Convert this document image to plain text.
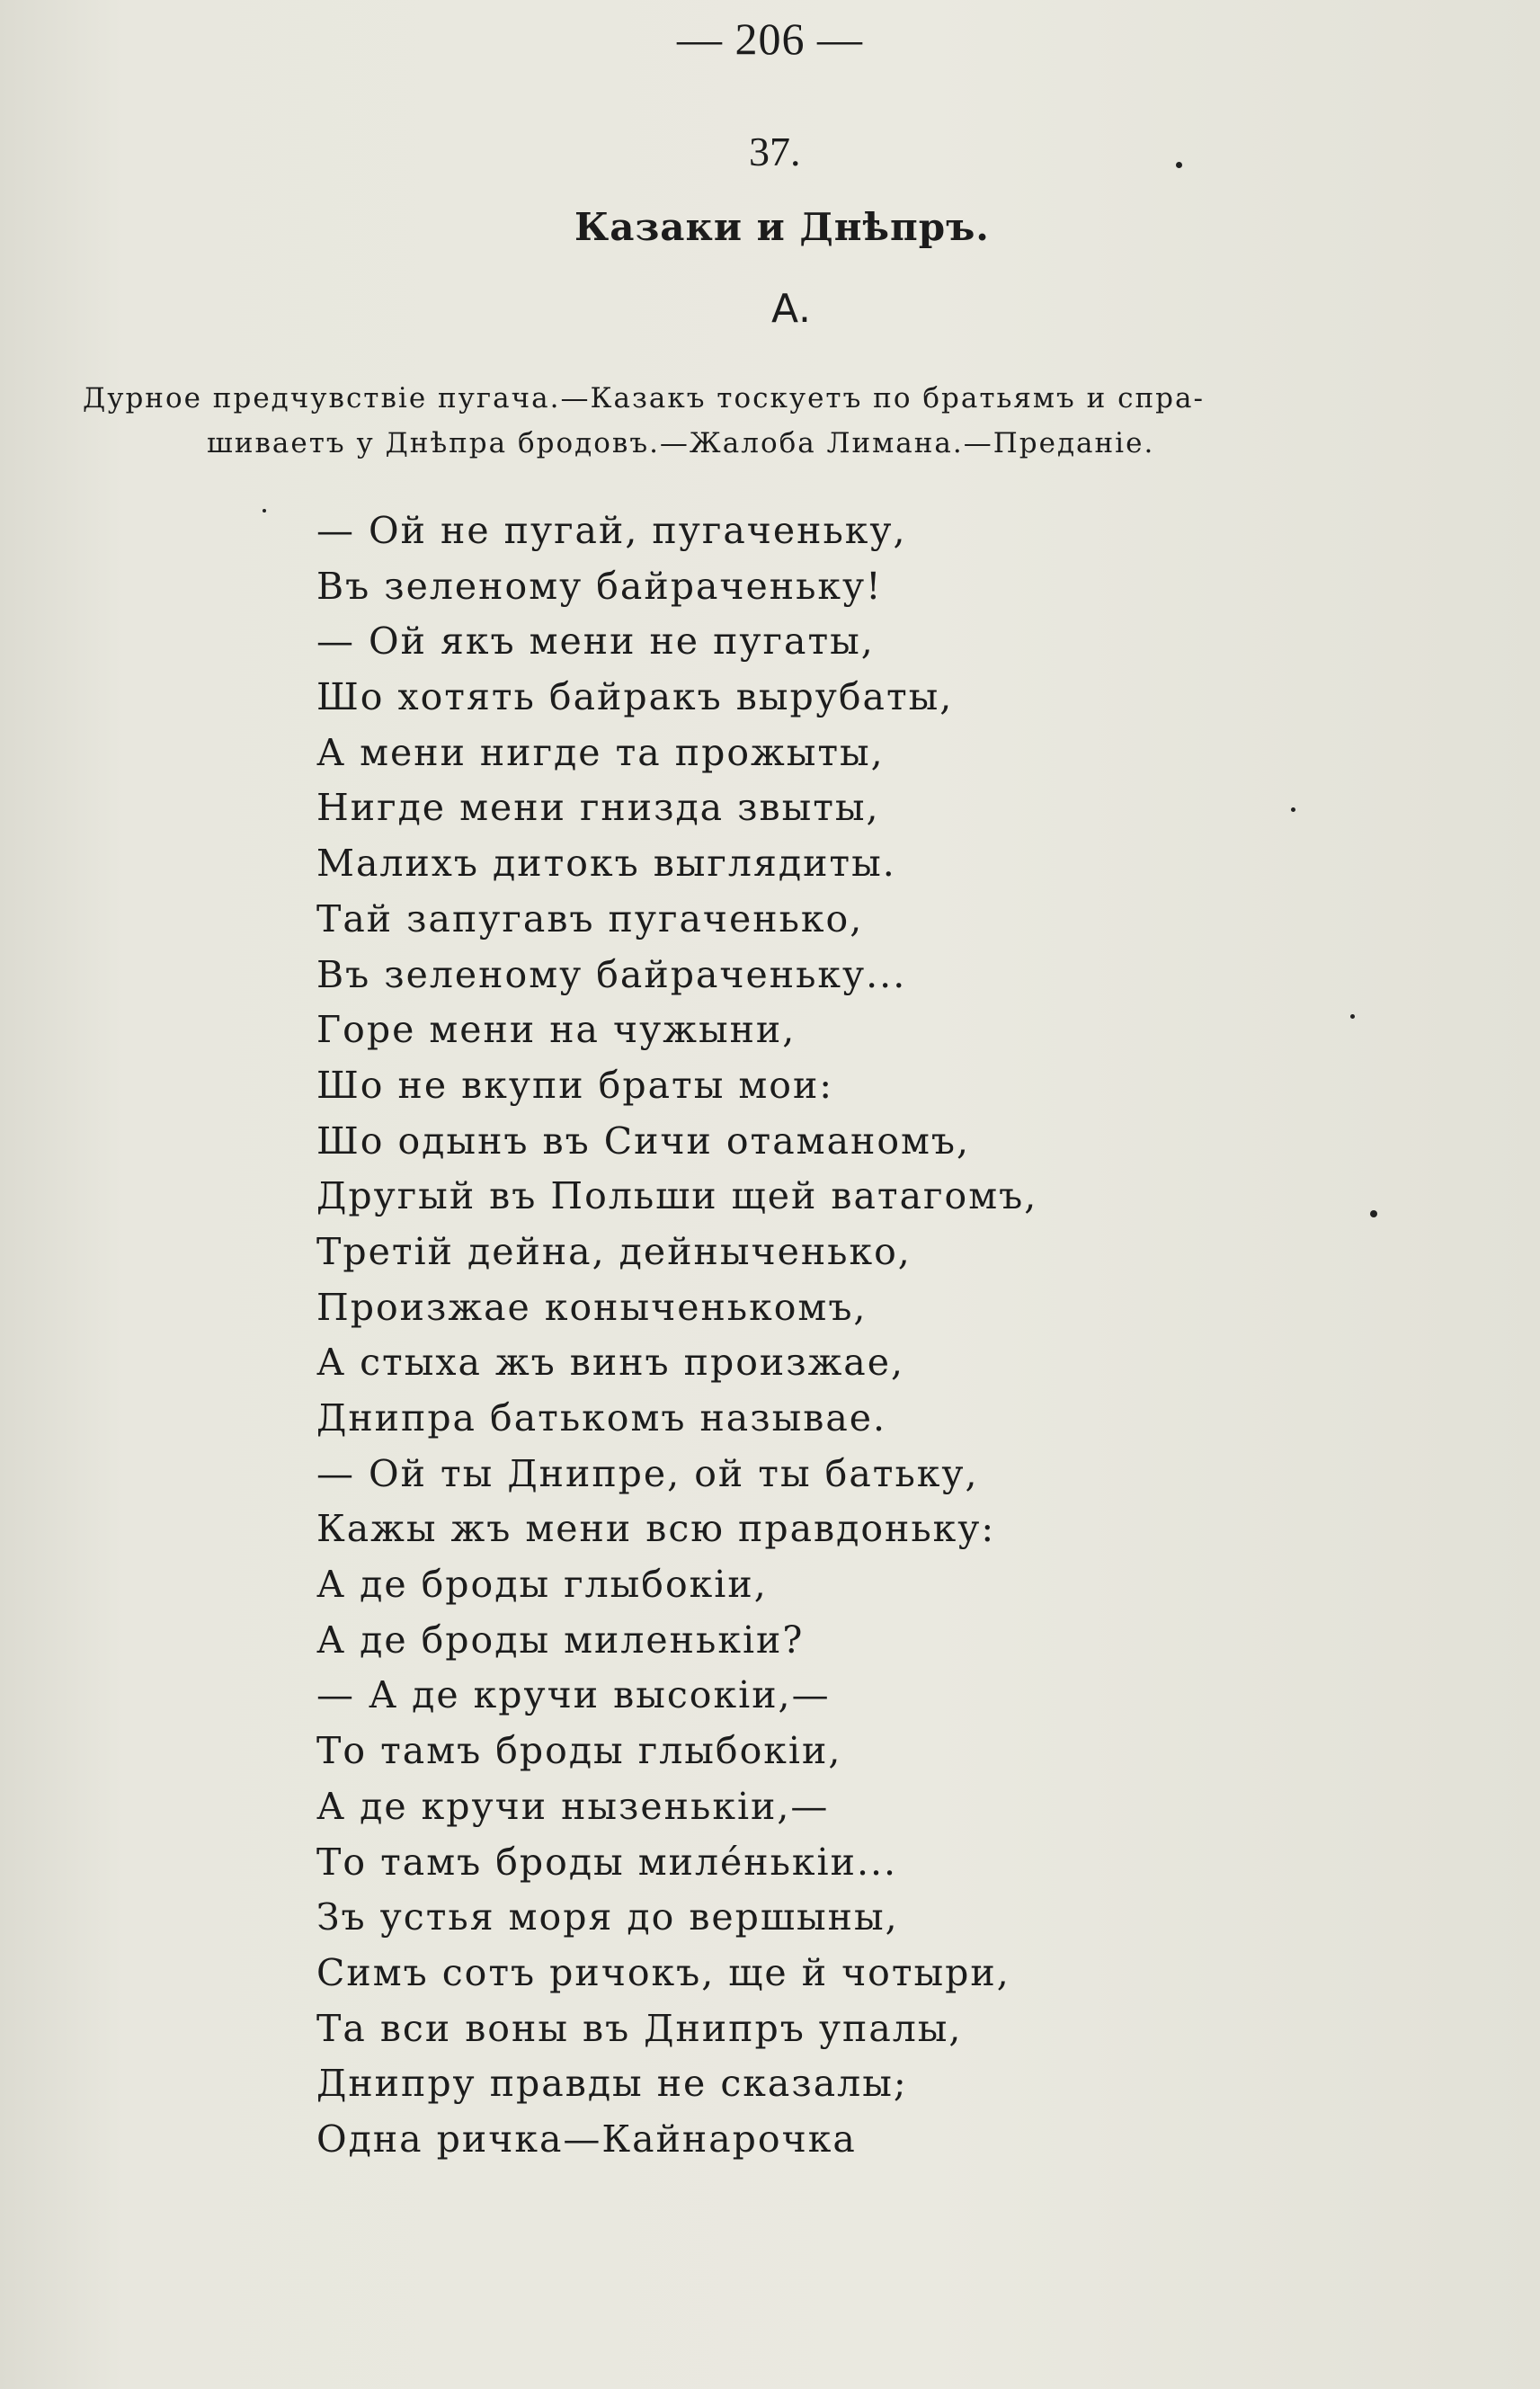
— 206 —
37.
Казаки и Днѣпръ.
А.
Дурное предчувствіе пугача.—Казакъ тоскуетъ по братьямъ и спра-
шиваетъ у Днѣпра бродовъ.—Жалоба Лимана.—Преданіе.
— Ой не пугай, пугаченьку,
Въ зеленому байраченьку!
— Ой якъ мени не пугаты,
Шо хотять байракъ вырубаты,
А мени нигде та прожыты,
Нигде мени гнизда звыты,
Малихъ дитокъ выглядиты.
Тай запугавъ пугаченько,
Въ зеленому байраченьку...
Горе мени на чужыни,
Шо не вкупи браты мои:
Шо одынъ въ Сичи отаманомъ,
Другый въ Польши щей ватагомъ,
Третій дейна, дейныченько,
Произжае коныченькомъ,
А стыха жъ винъ произжае,
Днипра батькомъ называе.
— Ой ты Днипре, ой ты батьку,
Кажы жъ мени всю правдоньку:
А де броды глыбокіи,
А де броды миленькіи?
— А де кручи высокіи,—
То тамъ броды глыбокіи,
А де кручи нызенькіи,—
То тамъ броды миле́нькіи...
Зъ устья моря до вершыны,
Симъ сотъ ричокъ, ще й чотыри,
Та вси воны въ Днипръ упалы,
Днипру правды не сказалы;
Одна ричка—Кайнарочка
